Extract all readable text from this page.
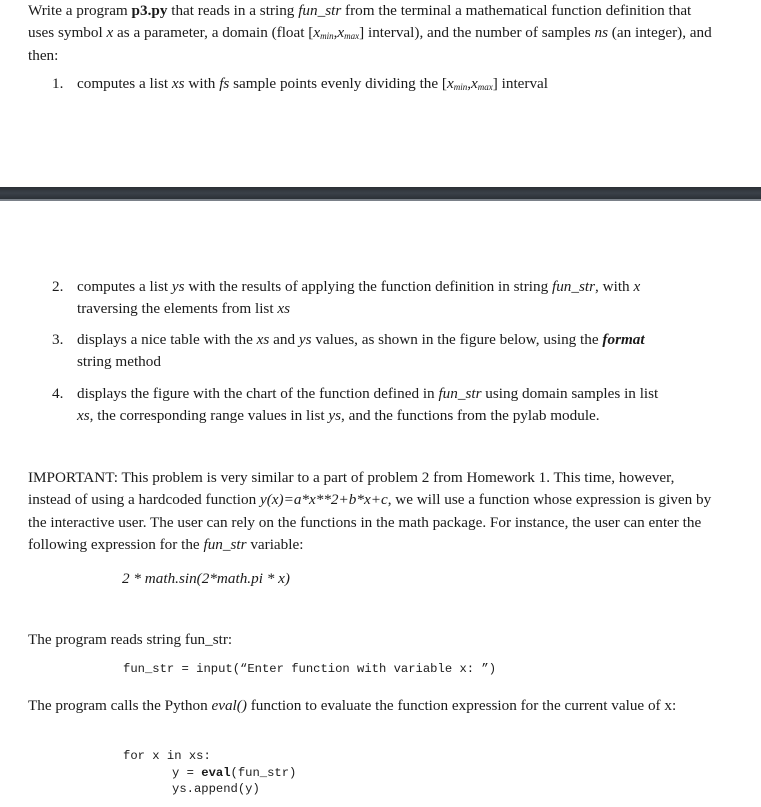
Write a program p3.py that reads in a string fun_str from the terminal a mathematical function definition that uses symbol x as a parameter, a domain (float $[x_{min},x_{max}]$ interval), and the number of samples ns (an integer), and then:
1. computes a list xs with fs sample points evenly dividing the $[x_{min},x_{max}]$ interval
2. computes a list ys with the results of applying the function definition in string fun_str, with x
traversing the elements from list xs
3. displays a nice table with the xs and ys values, as shown in the figure below, using the format
string method
4. displays the figure with the chart of the function defined in fun_str using domain samples in list
xs, the corresponding range values in list ys, and the functions from the pylab module.
IMPORTANT: This problem is very similar to a part of problem 2 from Homework 1. This time, however, instead of using a hardcoded function y(x)=a*x**2+b*x+c, we will use a function whose expression is given by the interactive user. The user can rely on the functions in the math package. For instance, the user can enter the following expression for the fun_str variable:
2 * math.sin(2*math.pi * x)
The program reads string fun_str:
fun_str = input(“Enter function with variable x: ”)
The program calls the Python eval() function to evaluate the function expression for the current value of x:
for x in xs:
y = eval(fun_str)
ys.append(y)
